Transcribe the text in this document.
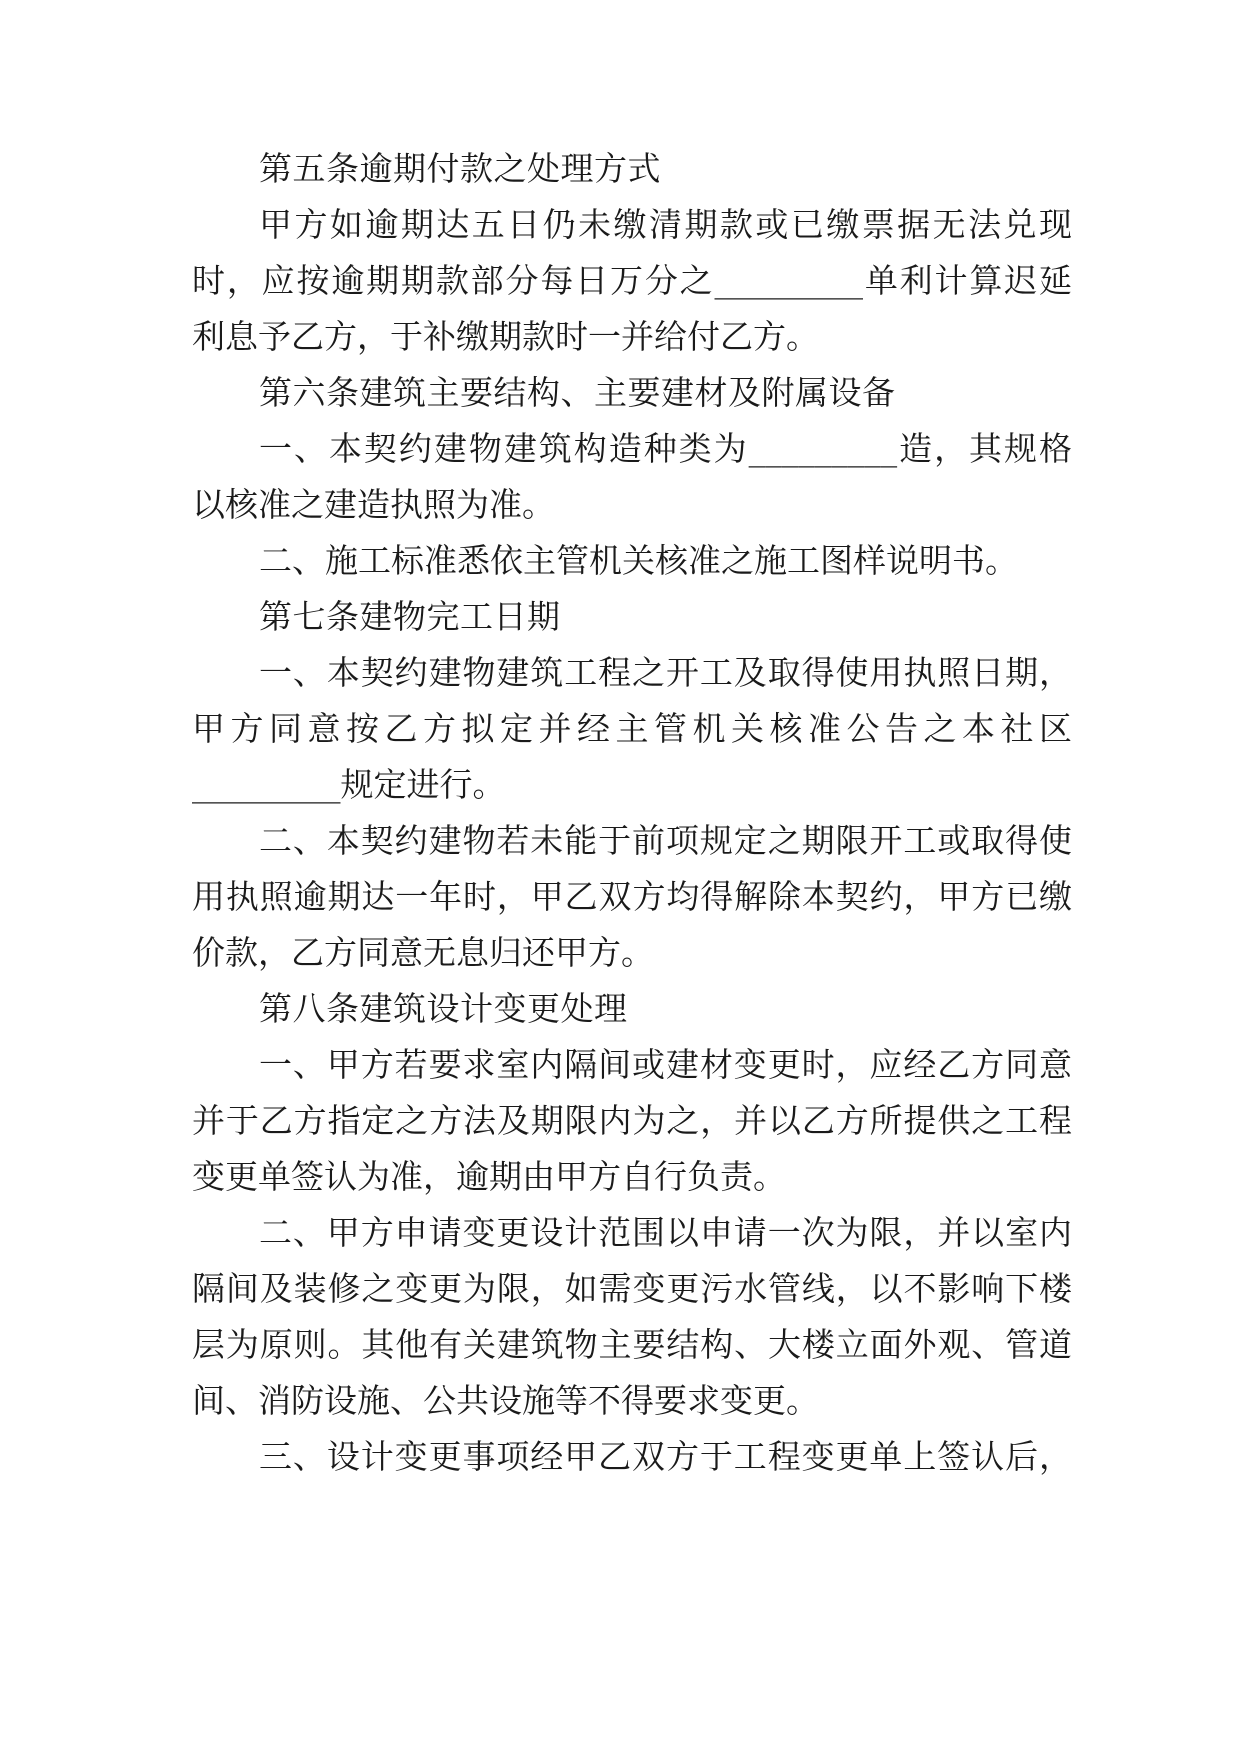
第五条逾期付款之处理方式
甲方如逾期达五日仍未缴清期款或已缴票据无法兑现
时，应按逾期期款部分每日万分之_________单利计算迟延
利息予乙方，于补缴期款时一并给付乙方。
第六条建筑主要结构、主要建材及附属设备
一、本契约建物建筑构造种类为_________造，其规格
以核准之建造执照为准。
二、施工标准悉依主管机关核准之施工图样说明书。
第七条建物完工日期
一、本契约建物建筑工程之开工及取得使用执照日期，
甲方同意按乙方拟定并经主管机关核准公告之本社区
_________规定进行。
二、本契约建物若未能于前项规定之期限开工或取得使
用执照逾期达一年时，甲乙双方均得解除本契约，甲方已缴
价款，乙方同意无息归还甲方。
第八条建筑设计变更处理
一、甲方若要求室内隔间或建材变更时，应经乙方同意
并于乙方指定之方法及期限内为之，并以乙方所提供之工程
变更单签认为准，逾期由甲方自行负责。
二、甲方申请变更设计范围以申请一次为限，并以室内
隔间及装修之变更为限，如需变更污水管线，以不影响下楼
层为原则。其他有关建筑物主要结构、大楼立面外观、管道
间、消防设施、公共设施等不得要求变更。
三、设计变更事项经甲乙双方于工程变更单上签认后，
